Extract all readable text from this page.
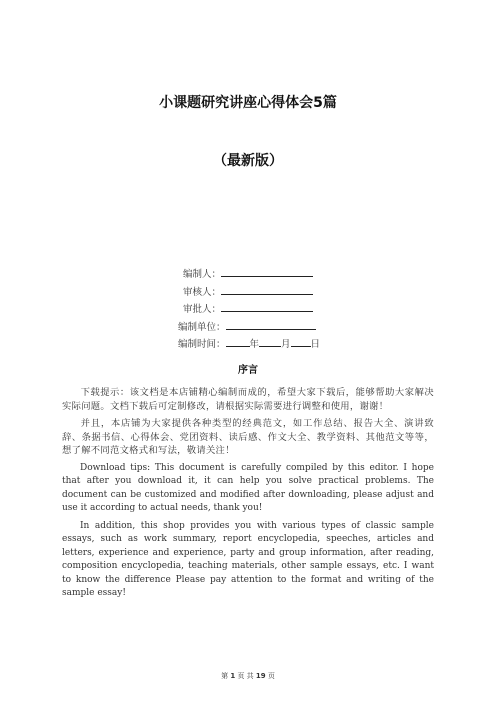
小课题研究讲座心得体会5篇
（最新版）
编制人：
审核人：
审批人：
编制单位：
编制时间：	年 月 日
序言

下载提示：该文档是本店铺精心编制而成的，希望大家下载后，能够帮助大家解决实际问题。文档下载后可定制修改，请根据实际需要进行调整和使用，谢谢！

并且，本店铺为大家提供各种类型的经典范文，如工作总结、报告大全、演讲致辞、条据书信、心得体会、党团资料、读后感、作文大全、教学资料、其他范文等等，想了解不同范文格式和写法，敬请关注！

Download tips: This document is carefully compiled by this editor. I hope that after you download it, it can help you solve practical problems. The document can be customized and modified after downloading, please adjust and use it according to actual needs, thank you!

In addition, this shop provides you with various types of classic sample essays, such as work summary, report encyclopedia, speeches, articles and letters, experience and experience, party and group information, after reading, composition encyclopedia, teaching materials, other sample essays, etc. I want to know the difference Please pay attention to the format and writing of the sample essay!

第 1 页 共 19 页
